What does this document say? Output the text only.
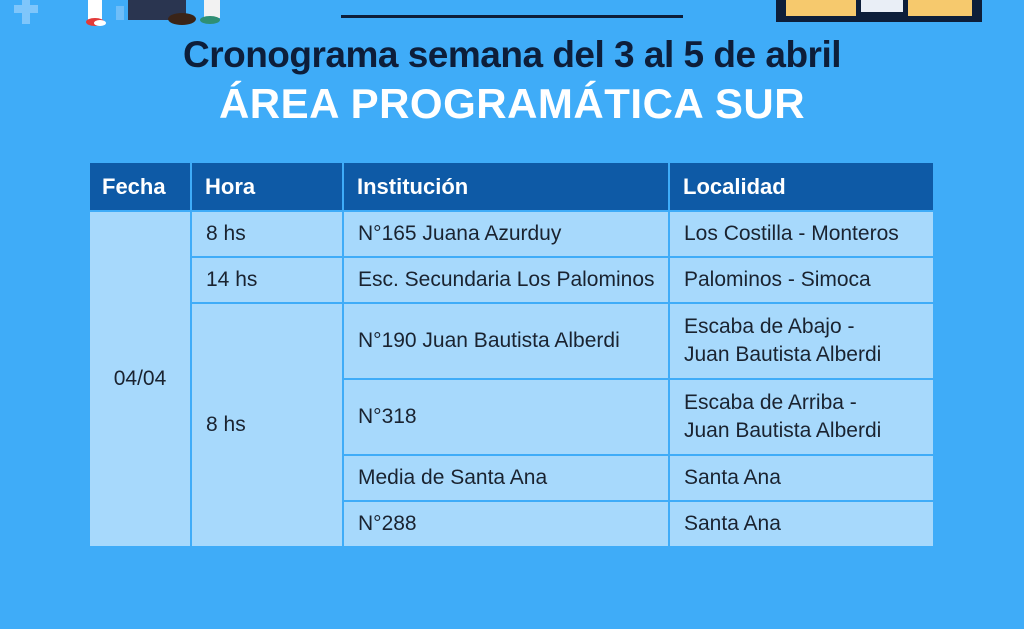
Cronograma semana del 3 al 5 de abril
ÁREA PROGRAMÁTICA SUR
Fecha	Hora	Institución	Localidad
04/04	8 hs	N°165 Juana Azurduy	Los Costilla - Monteros
	14 hs	Esc. Secundaria Los Palominos	Palominos - Simoca
	8 hs	N°190 Juan Bautista Alberdi	Escaba de Abajo -
Juan Bautista Alberdi

		N°318	Escaba de Arriba -
Juan Bautista Alberdi

		Media de Santa Ana	Santa Ana
		N°288	Santa Ana
